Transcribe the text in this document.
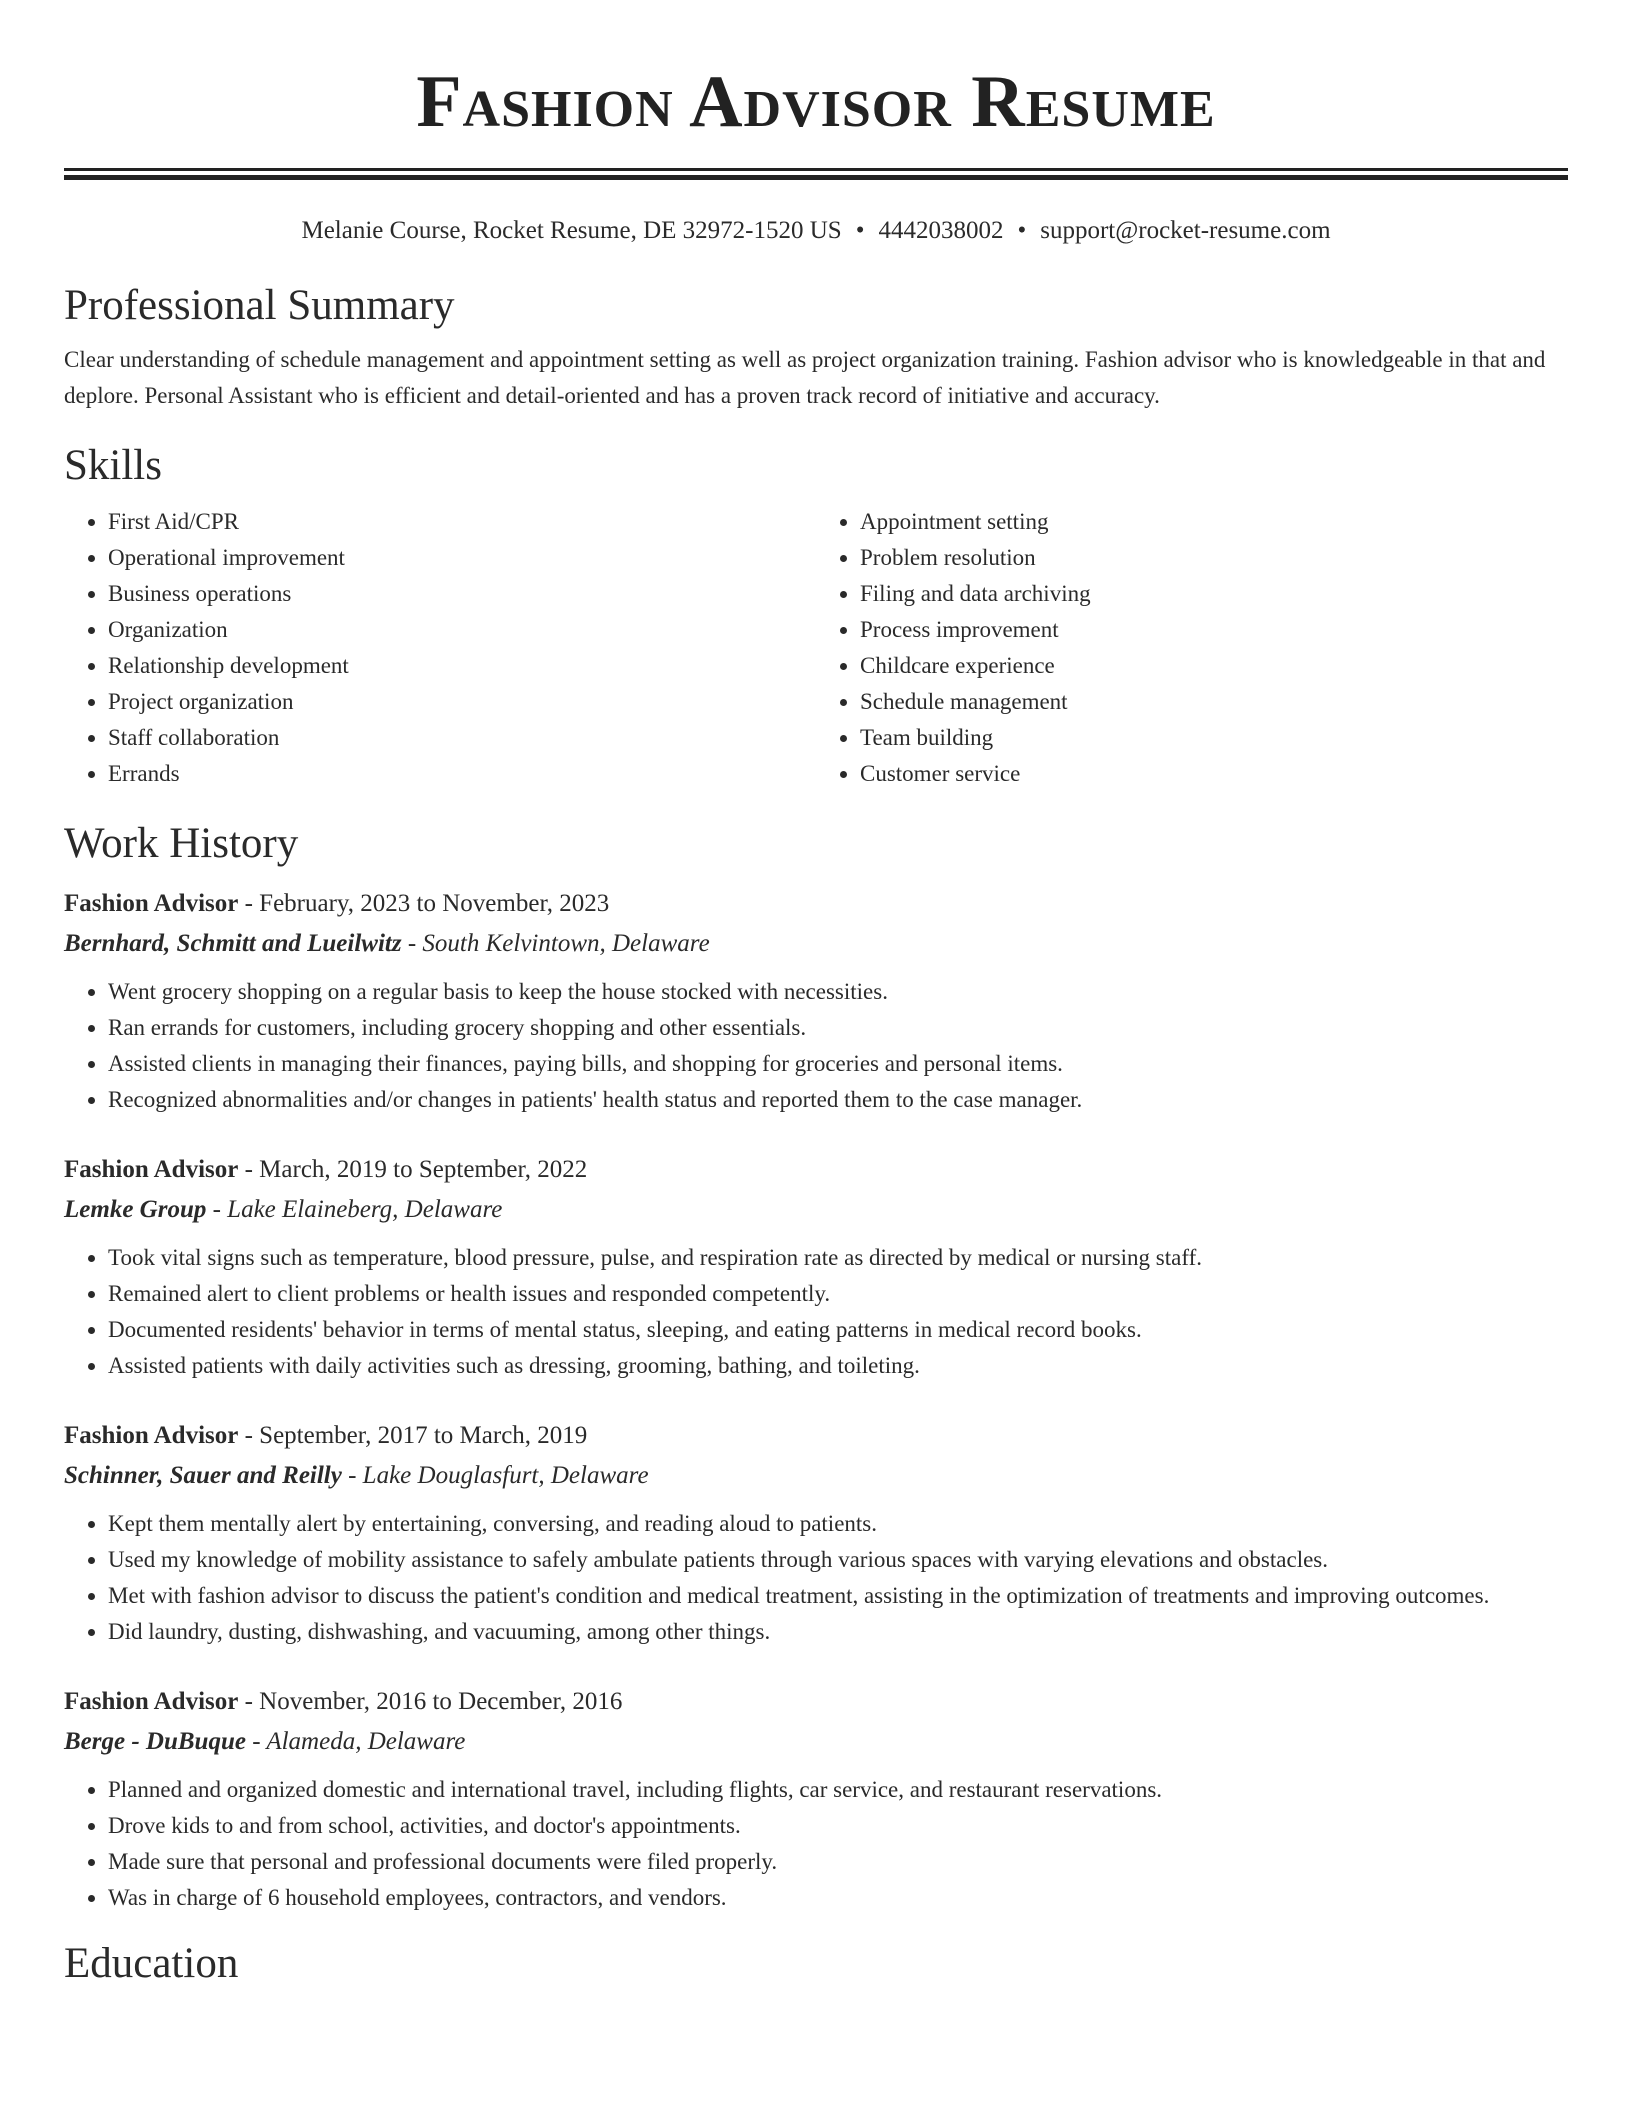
Fashion Advisor Resume
Melanie Course, Rocket Resume, DE 32972-1520 US • 4442038002 • support@rocket-resume.com
Professional Summary

Clear understanding of schedule management and appointment setting as well as project organization training. Fashion advisor who is knowledgeable in that and deplore. Personal Assistant who is efficient and detail-oriented and has a proven track record of initiative and accuracy.

Skills
• First Aid/CPR
• Operational improvement
• Business operations
• Organization
• Relationship development
• Project organization
• Staff collaboration
• Errands
• Appointment setting
• Problem resolution
• Filing and data archiving
• Process improvement
• Childcare experience
• Schedule management
• Team building
• Customer service
Work History
Fashion Advisor - February, 2023 to November, 2023
Bernhard, Schmitt and Lueilwitz - South Kelvintown, Delaware
• Went grocery shopping on a regular basis to keep the house stocked with necessities.
• Ran errands for customers, including grocery shopping and other essentials.
• Assisted clients in managing their finances, paying bills, and shopping for groceries and personal items.
• Recognized abnormalities and/or changes in patients' health status and reported them to the case manager.
Fashion Advisor - March, 2019 to September, 2022
Lemke Group - Lake Elaineberg, Delaware
• Took vital signs such as temperature, blood pressure, pulse, and respiration rate as directed by medical or nursing staff.
• Remained alert to client problems or health issues and responded competently.
• Documented residents' behavior in terms of mental status, sleeping, and eating patterns in medical record books.
• Assisted patients with daily activities such as dressing, grooming, bathing, and toileting.
Fashion Advisor - September, 2017 to March, 2019
Schinner, Sauer and Reilly - Lake Douglasfurt, Delaware
• Kept them mentally alert by entertaining, conversing, and reading aloud to patients.
• Used my knowledge of mobility assistance to safely ambulate patients through various spaces with varying elevations and obstacles.
• Met with fashion advisor to discuss the patient's condition and medical treatment, assisting in the optimization of treatments and improving outcomes.
• Did laundry, dusting, dishwashing, and vacuuming, among other things.
Fashion Advisor - November, 2016 to December, 2016
Berge - DuBuque - Alameda, Delaware
• Planned and organized domestic and international travel, including flights, car service, and restaurant reservations.
• Drove kids to and from school, activities, and doctor's appointments.
• Made sure that personal and professional documents were filed properly.
• Was in charge of 6 household employees, contractors, and vendors.
Education
